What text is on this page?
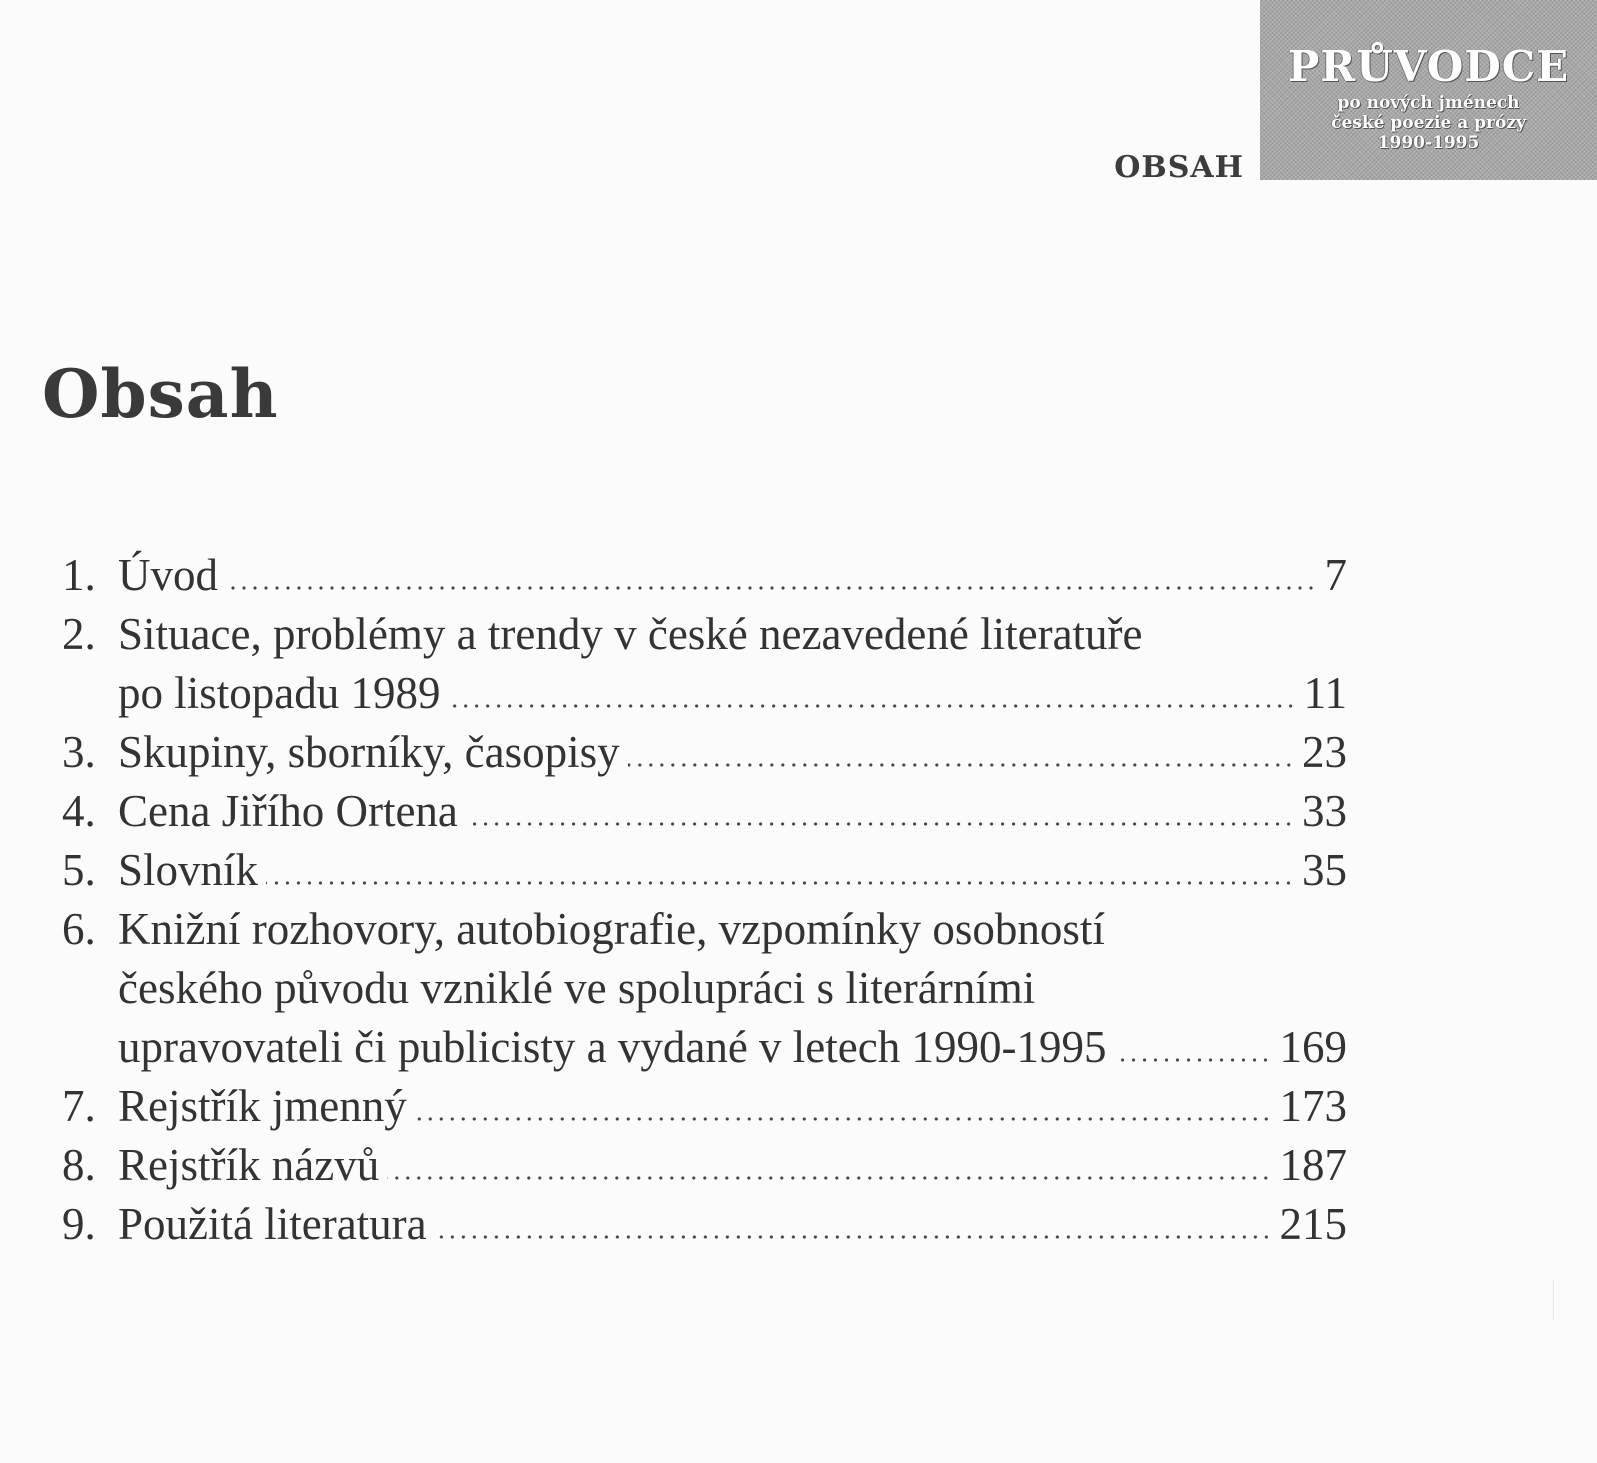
PRŮVODCE
po nových jménech
české poezie a prózy
1990-1995
OBSAH
Obsah
1. Úvod	7
2. Situace, problémy a trendy v české nezavedené literatuře
po listopadu 1989	11
3. Skupiny, sborníky, časopisy	23
4. Cena Jiřího Ortena	33
5. Slovník	35
6. Knižní rozhovory, autobiografie, vzpomínky osobností
českého původu vzniklé ve spolupráci s literárními
upravovateli či publicisty a vydané v letech 1990-1995	169
7. Rejstřík jmenný	173
8. Rejstřík názvů	187
9. Použitá literatura	215
